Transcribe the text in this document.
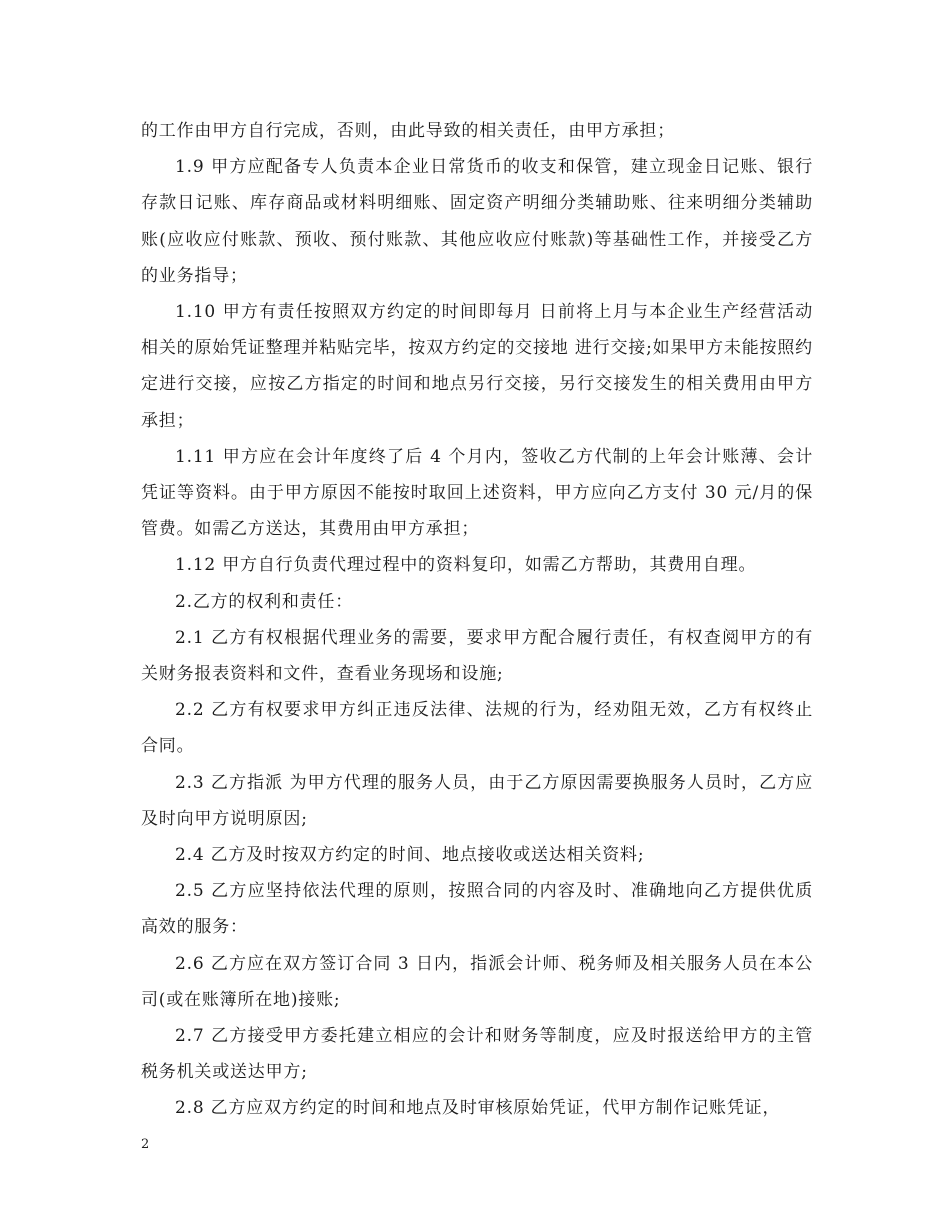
的工作由甲方自行完成，否则，由此导致的相关责任，由甲方承担；

1.9 甲方应配备专人负责本企业日常货币的收支和保管，建立现金日记账、银行存款日记账、库存商品或材料明细账、固定资产明细分类辅助账、往来明细分类辅助账(应收应付账款、预收、预付账款、其他应收应付账款)等基础性工作，并接受乙方的业务指导；

1.10 甲方有责任按照双方约定的时间即每月 日前将上月与本企业生产经营活动相关的原始凭证整理并粘贴完毕，按双方约定的交接地 进行交接;如果甲方未能按照约定进行交接，应按乙方指定的时间和地点另行交接，另行交接发生的相关费用由甲方承担；

1.11 甲方应在会计年度终了后 4 个月内，签收乙方代制的上年会计账薄、会计凭证等资料。由于甲方原因不能按时取回上述资料，甲方应向乙方支付 30 元/月的保管费。如需乙方送达，其费用由甲方承担；

1.12 甲方自行负责代理过程中的资料复印，如需乙方帮助，其费用自理。

2.乙方的权利和责任：

2.1 乙方有权根据代理业务的需要，要求甲方配合履行责任，有权查阅甲方的有关财务报表资料和文件，查看业务现场和设施;

2.2 乙方有权要求甲方纠正违反法律、法规的行为，经劝阻无效，乙方有权终止合同。

2.3 乙方指派 为甲方代理的服务人员，由于乙方原因需要换服务人员时，乙方应及时向甲方说明原因;

2.4 乙方及时按双方约定的时间、地点接收或送达相关资料;

2.5 乙方应坚持依法代理的原则，按照合同的内容及时、准确地向乙方提供优质高效的服务：

2.6 乙方应在双方签订合同 3 日内，指派会计师、税务师及相关服务人员在本公司(或在账簿所在地)接账;

2.7 乙方接受甲方委托建立相应的会计和财务等制度，应及时报送给甲方的主管税务机关或送达甲方;

2.8 乙方应双方约定的时间和地点及时审核原始凭证，代甲方制作记账凭证，

2
